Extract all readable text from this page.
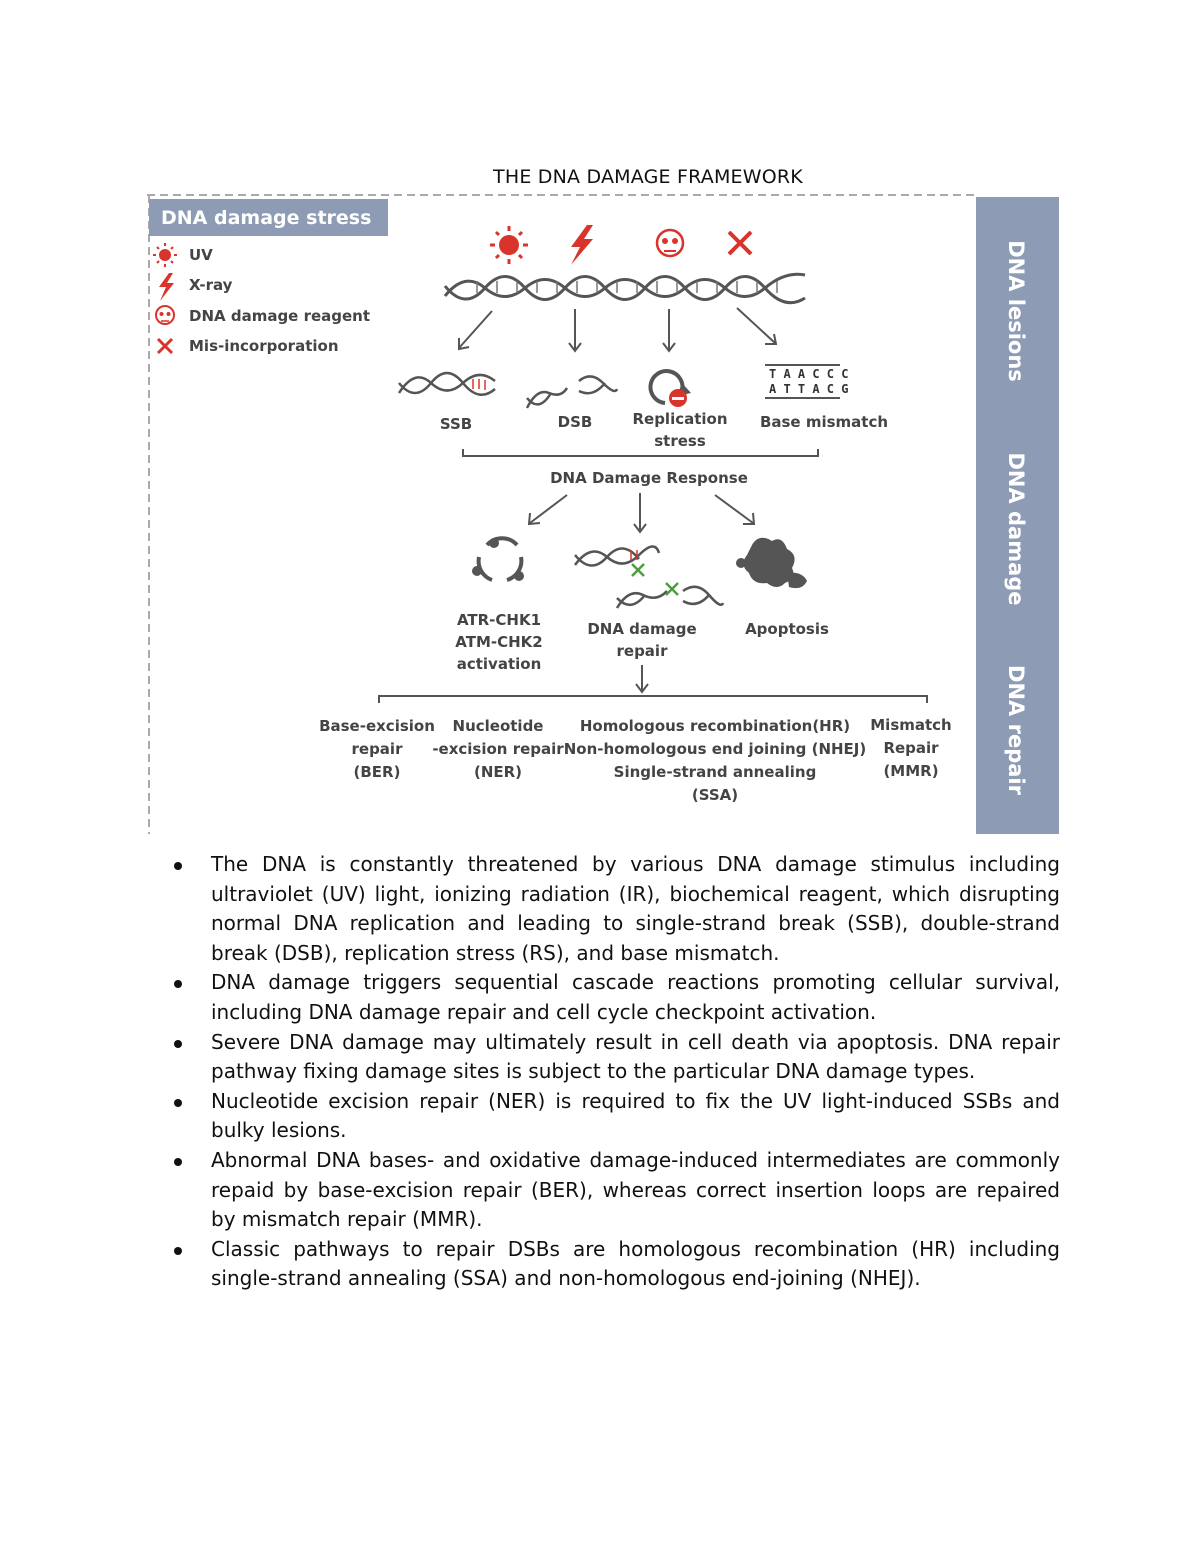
THE DNA DAMAGE FRAMEWORK
DNA lesions
DNA damage
DNA repair
DNA damage stress
UV
X-ray
DNA damage reagent
Mis-incorporation
SSB	DSB	Replication
stress
T A A C C C
A T T A C G
Base mismatch
DNA Damage Response
ATR-CHK1
ATM-CHK2
activation
DNA damage
repair
Apoptosis
Base-excision
repair
(BER)
Nucleotide
-excision repair
(NER)
Homologous recombination(HR)
Non-homologous end joining (NHEJ)
Single-strand annealing
(SSA)
Mismatch
Repair
(MMR)
The DNA is constantly threatened by various DNA damage stimulus including ultraviolet (UV) light, ionizing radiation (IR), biochemical reagent, which disrupting normal DNA replication and leading to single-strand break (SSB), double-strand break (DSB), replication stress (RS), and base mismatch.
DNA damage triggers sequential cascade reactions promoting cellular survival, including DNA damage repair and cell cycle checkpoint activation.
Severe DNA damage may ultimately result in cell death via apoptosis. DNA repair pathway fixing damage sites is subject to the particular DNA damage types.
Nucleotide excision repair (NER) is required to fix the UV light-induced SSBs and bulky lesions.
Abnormal DNA bases- and oxidative damage-induced intermediates are commonly repaid by base-excision repair (BER), whereas correct insertion loops are repaired by mismatch repair (MMR).
Classic pathways to repair DSBs are homologous recombination (HR) including single-strand annealing (SSA) and non-homologous end-joining (NHEJ).
